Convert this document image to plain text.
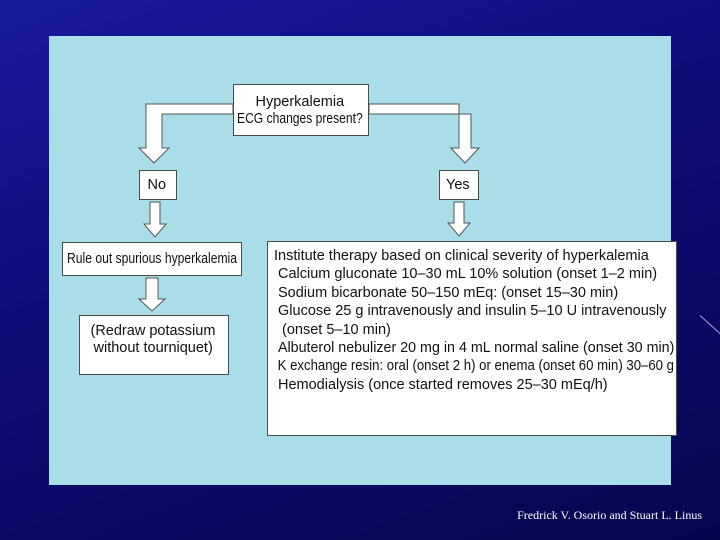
Hyperkalemia
ECG changes present?
No	Yes
Rule out spurious hyperkalemia
(Redraw potassium
without tourniquet)
Institute therapy based on clinical severity of hyperkalemia
Calcium gluconate 10–30 mL 10% solution (onset 1–2 min)
Sodium bicarbonate 50–150 mEq: (onset 15–30 min)
Glucose 25 g intravenously and insulin 5–10 U intravenously
(onset 5–10 min)
Albuterol nebulizer 20 mg in 4 mL normal saline (onset 30 min)
K exchange resin: oral (onset 2 h) or enema (onset 60 min) 30–60 g
Hemodialysis (once started removes 25–30 mEq/h)
Fredrick V. Osorio and Stuart L. Linus
